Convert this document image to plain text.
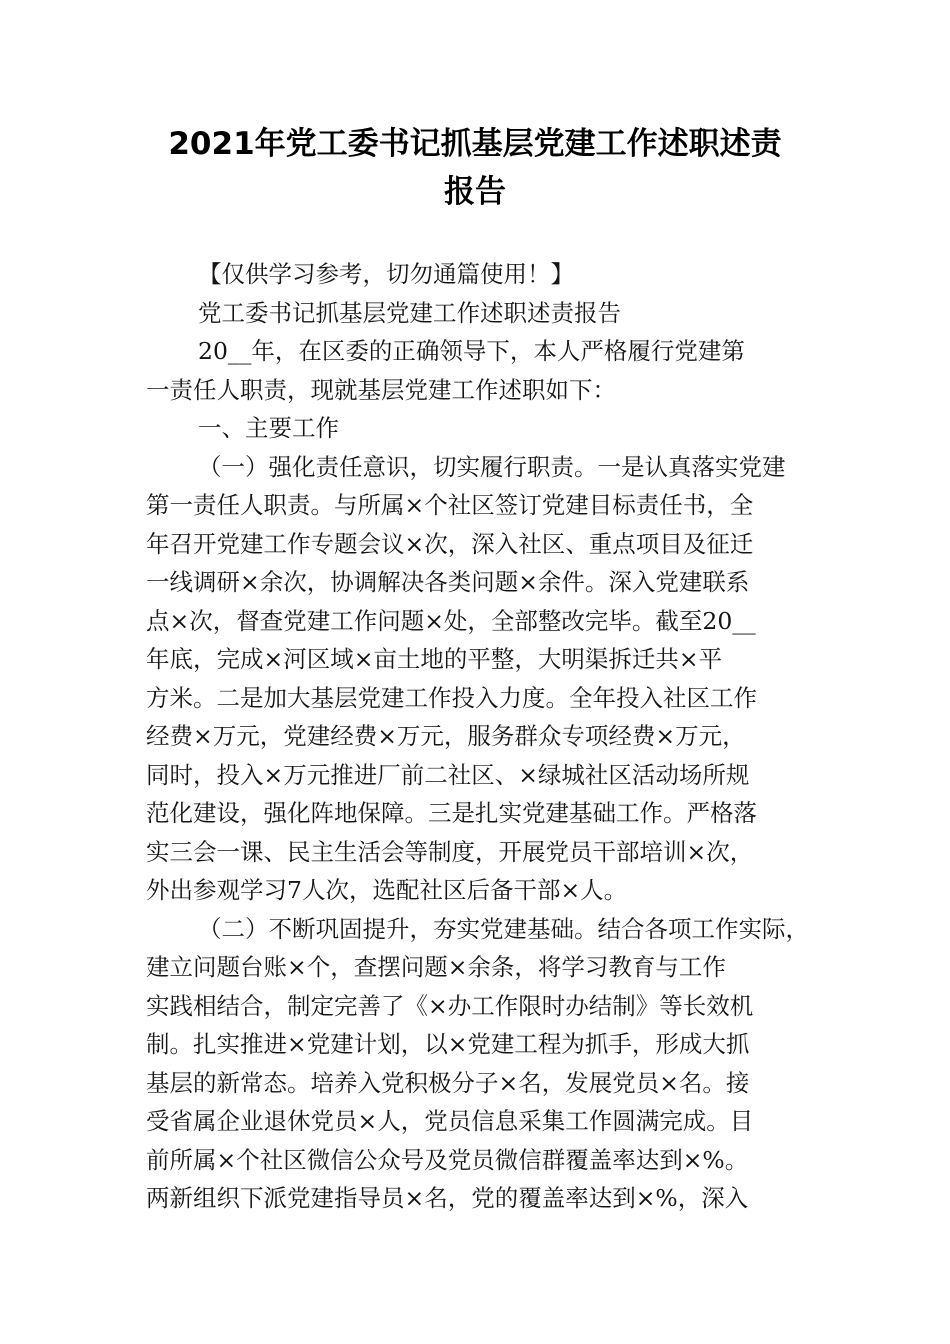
2021年党工委书记抓基层党建工作述职述责
报告
【仅供学习参考，切勿通篇使用！】
党工委书记抓基层党建工作述职述责报告
20__年，在区委的正确领导下，本人严格履行党建第
一责任人职责，现就基层党建工作述职如下：
一、主要工作
（一）强化责任意识，切实履行职责。一是认真落实党建
第一责任人职责。与所属×个社区签订党建目标责任书，全
年召开党建工作专题会议×次，深入社区、重点项目及征迁
一线调研×余次，协调解决各类问题×余件。深入党建联系
点×次，督查党建工作问题×处，全部整改完毕。截至20__
年底，完成×河区域×亩土地的平整，大明渠拆迁共×平
方米。二是加大基层党建工作投入力度。全年投入社区工作
经费×万元，党建经费×万元，服务群众专项经费×万元，
同时，投入×万元推进厂前二社区、×绿城社区活动场所规
范化建设，强化阵地保障。三是扎实党建基础工作。严格落
实三会一课、民主生活会等制度，开展党员干部培训×次，
外出参观学习7人次，选配社区后备干部×人。
（二）不断巩固提升，夯实党建基础。结合各项工作实际，
建立问题台账×个，查摆问题×余条，将学习教育与工作
实践相结合，制定完善了《×办工作限时办结制》等长效机
制。扎实推进×党建计划，以×党建工程为抓手，形成大抓
基层的新常态。培养入党积极分子×名，发展党员×名。接
受省属企业退休党员×人，党员信息采集工作圆满完成。目
前所属×个社区微信公众号及党员微信群覆盖率达到×%。
两新组织下派党建指导员×名，党的覆盖率达到×%，深入
